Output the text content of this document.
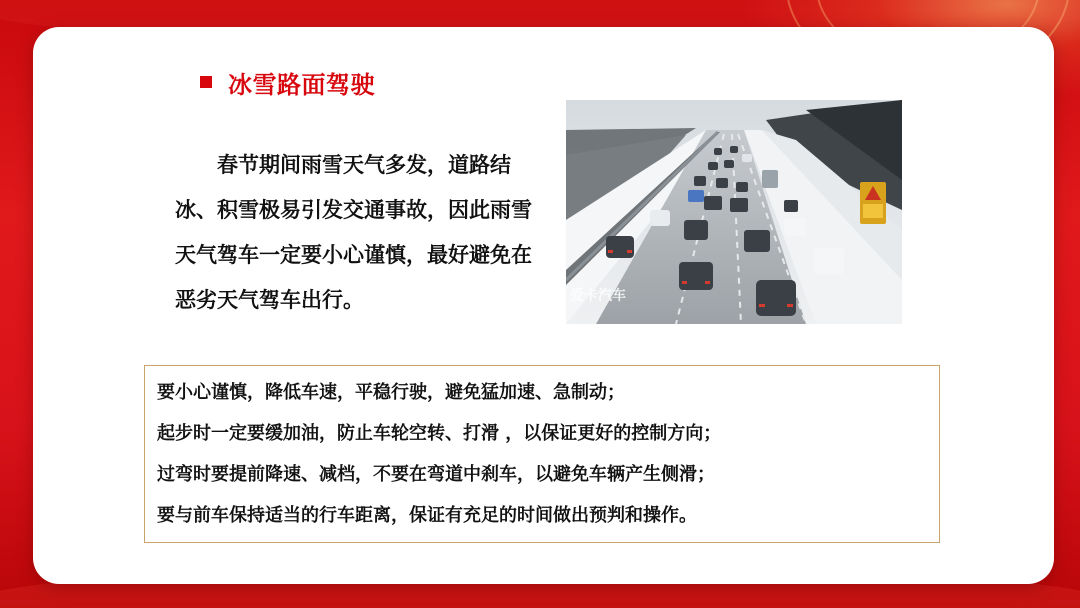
冰雪路面驾驶
春节期间雨雪天气多发，道路结冰、积雪极易引发交通事故，因此雨雪天气驾车一定要小心谨慎，最好避免在恶劣天气驾车出行。	爱卡汽车
要小心谨慎，降低车速，平稳行驶，避免猛加速、急制动；
起步时一定要缓加油，防止车轮空转、打滑 ，以保证更好的控制方向；
过弯时要提前降速、减档，不要在弯道中刹车，以避免车辆产生侧滑；
要与前车保持适当的行车距离，保证有充足的时间做出预判和操作。
